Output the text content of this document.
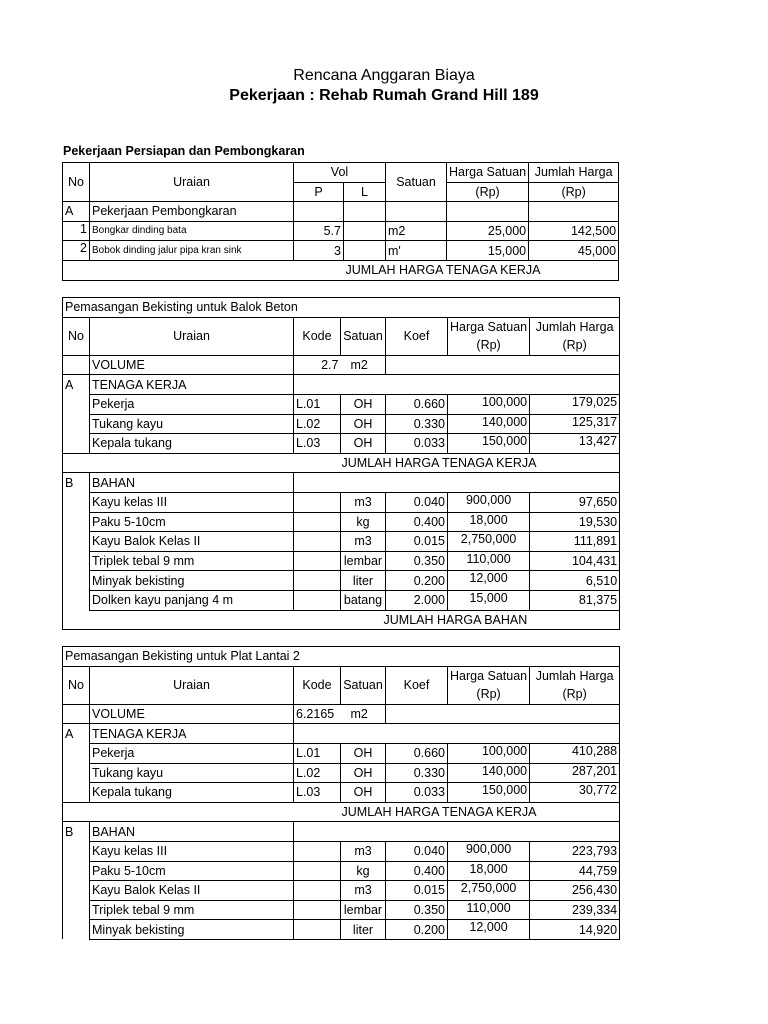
Rencana Anggaran Biaya
Pekerjaan : Rehab Rumah Grand Hill 189
Pekerjaan Persiapan dan Pembongkaran
No	Uraian	Vol		Satuan	Harga Satuan	Jumlah Harga
		P	L		(Rp)	(Rp)
A	Pekerjaan Pembongkaran					
1	Bongkar dinding bata	5.7		m2	25,000	142,500
2	Bobok dinding jalur pipa kran sink	3		m'	15,000	45,000
		JUMLAH HARGA TENAGA KERJA				
Pemasangan Bekisting untuk Balok Beton						
No	Uraian	Kode	Satuan	Koef	Harga Satuan	Jumlah Harga
					(Rp)	(Rp)
	VOLUME	2.7	m2			
A	TENAGA KERJA					
	Pekerja	L.01	OH	0.660	100,000	179,025
	Tukang kayu	L.02	OH	0.330	140,000	125,317
	Kepala tukang	L.03	OH	0.033	150,000	13,427
		JUMLAH HARGA TENAGA KERJA				
B	BAHAN					
	Kayu kelas III		m3	0.040	900,000	97,650
	Paku 5-10cm		kg	0.400	18,000	19,530
	Kayu Balok Kelas II		m3	0.015	2,750,000	111,891
	Triplek tebal 9 mm		lembar	0.350	110,000	104,431
	Minyak bekisting		liter	0.200	12,000	6,510
	Dolken kayu panjang 4 m		batang	2.000	15,000	81,375
		JUMLAH HARGA BAHAN				
Pemasangan Bekisting untuk Plat Lantai 2						
No	Uraian	Kode	Satuan	Koef	Harga Satuan	Jumlah Harga
					(Rp)	(Rp)
	VOLUME	6.2165	m2			
A	TENAGA KERJA					
	Pekerja	L.01	OH	0.660	100,000	410,288
	Tukang kayu	L.02	OH	0.330	140,000	287,201
	Kepala tukang	L.03	OH	0.033	150,000	30,772
		JUMLAH HARGA TENAGA KERJA				
B	BAHAN					
	Kayu kelas III		m3	0.040	900,000	223,793
	Paku 5-10cm		kg	0.400	18,000	44,759
	Kayu Balok Kelas II		m3	0.015	2,750,000	256,430
	Triplek tebal 9 mm		lembar	0.350	110,000	239,334
	Minyak bekisting		liter	0.200	12,000	14,920
